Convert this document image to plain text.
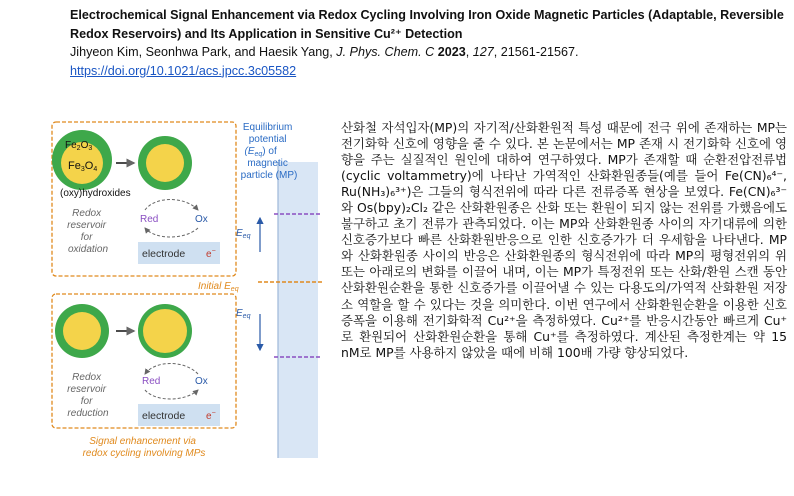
Electrochemical Signal Enhancement via Redox Cycling Involving Iron Oxide Magnetic Particles (Adaptable, Reversible Redox Reservoirs) and Its Application in Sensitive Cu²⁺ Detection

Jihyeon Kim, Seonhwa Park, and Haesik Yang, J. Phys. Chem. C 2023, 127, 21561-21567.

https://doi.org/10.1021/acs.jpcc.3c05582
Equilibrium potential $(E_{eq})$ of magnetic particle (MP)
$E_{eq}$
$E_{eq}$
$Fe_2O_3$
Fe3O4
(oxy)hydroxides
Redox reservoir for oxidation
Red	Ox
electrode e−
Initial $E_{eq}$
Redox reservoir for reduction
Red	Ox
electrode e−
Signal enhancement via redox cycling involving MPs

산화철 자석입자(MP)의 자기적/산화환원적 특성 때문에 전극 위에 존재하는 MP는 전기화학 신호에 영향을 줄 수 있다. 본 논문에서는 MP 존재 시 전기화학 신호에 영향을 주는 실질적인 원인에 대하여 연구하였다. MP가 존재할 때 순환전압전류법(cyclic voltammetry)에 나타난 가역적인 산화환원종들(예를 들어 Fe(CN)₆⁴⁻, Ru(NH₃)₆³⁺)은 그들의 형식전위에 따라 다른 전류증폭 현상을 보였다. Fe(CN)₆³⁻ 와 Os(bpy)₂Cl₂ 같은 산화환원종은 산화 또는 환원이 되지 않는 전위를 가했음에도 불구하고 초기 전류가 관측되었다. 이는 MP와 산화환원종 사이의 자기대류에 의한 신호증가보다 빠른 산화환원반응으로 인한 신호증가가 더 우세함을 나타낸다. MP와 산화환원종 사이의 반응은 산화환원종의 형식전위에 따라 MP의 평형전위의 위 또는 아래로의 변화를 이끌어 내며, 이는 MP가 특정전위 또는 산화/환원 스캔 동안 산화환원순환을 통한 신호증가를 이끌어낼 수 있는 다용도의/가역적 산화환원 저장소 역할을 할 수 있다는 것을 의미한다. 이번 연구에서 산화환원순환을 이용한 신호 증폭을 이용해 전기화학적 Cu²⁺을 측정하였다. Cu²⁺를 반응시간동안 빠르게 Cu⁺로 환원되어 산화환원순환을 통해 Cu⁺를 측정하였다. 계산된 측정한계는 약 15 nM로 MP를 사용하지 않았을 때에 비해 100배 가량 향상되었다.
